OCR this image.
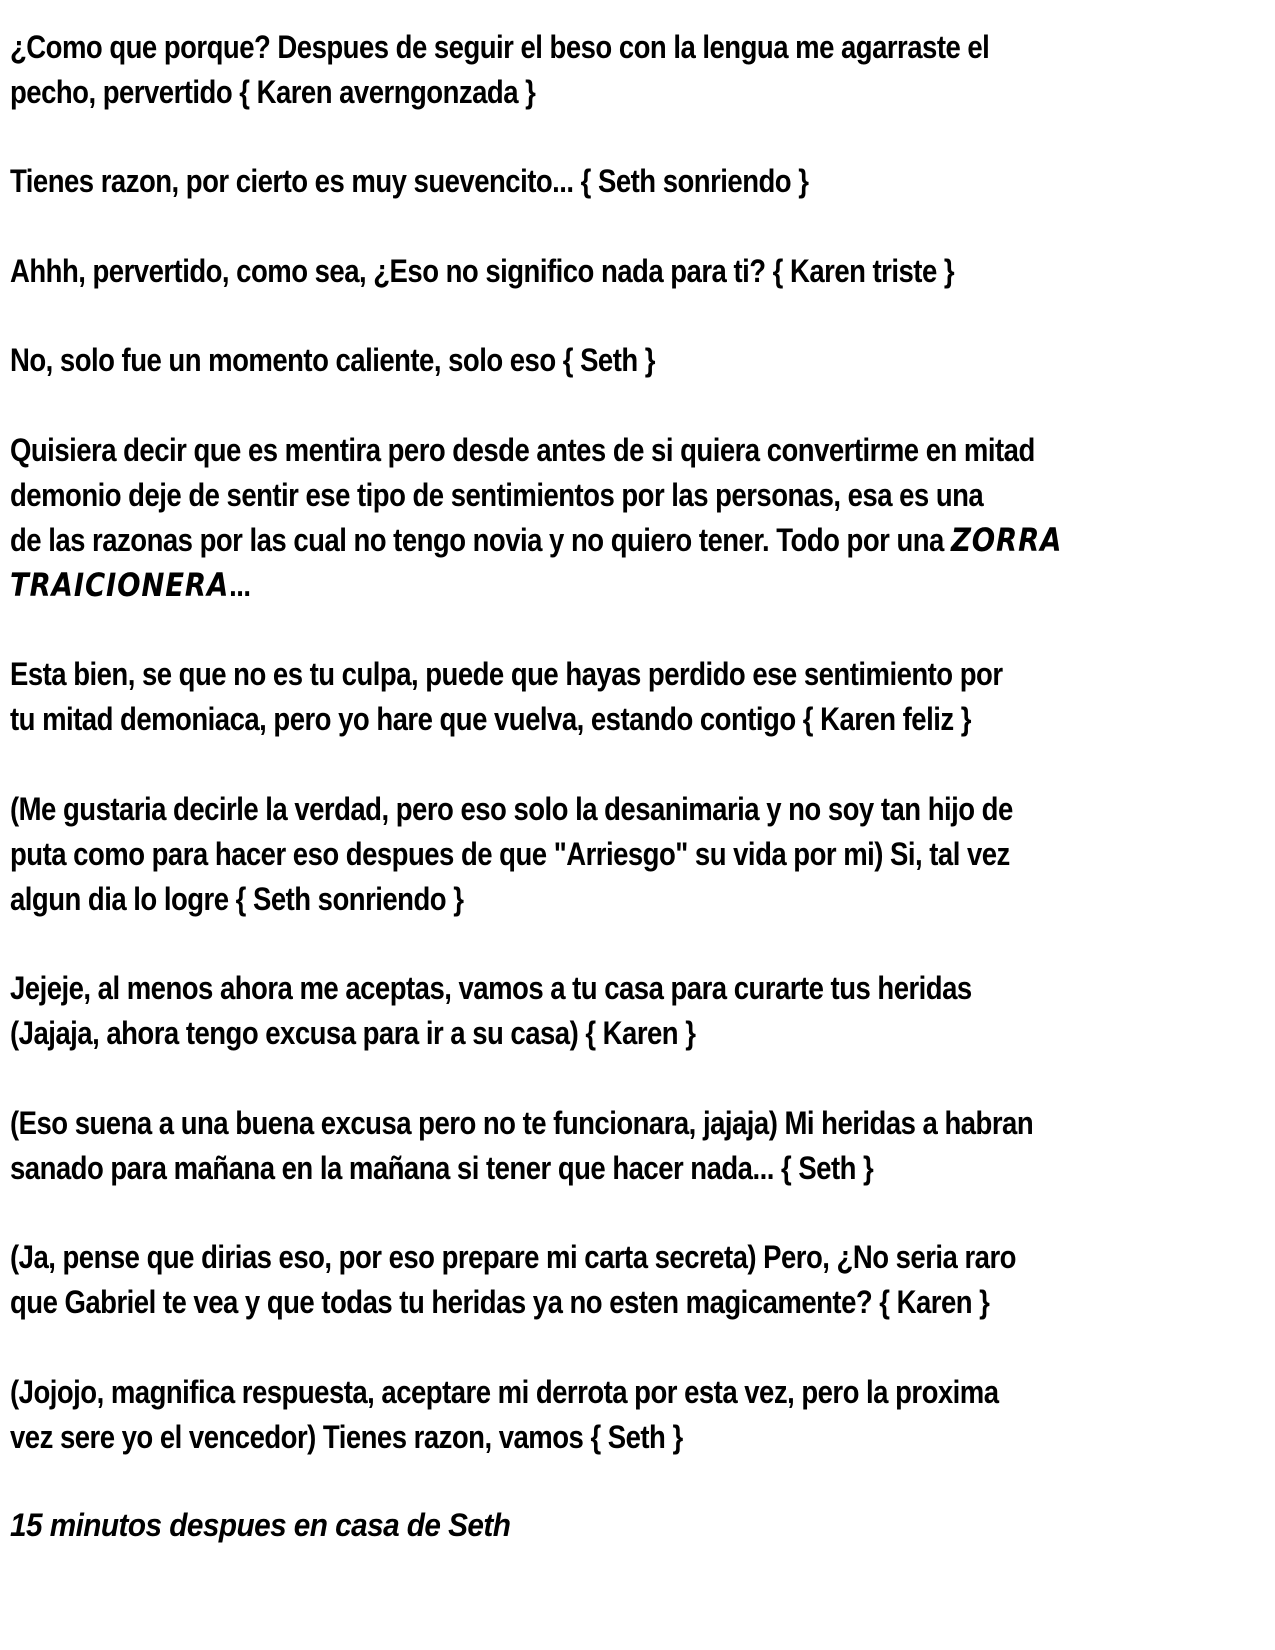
¿Como que porque? Despues de seguir el beso con la lengua me agarraste el

pecho, pervertido { Karen averngonzada }

Tienes razon, por cierto es muy suevencito... { Seth sonriendo }

Ahhh, pervertido, como sea, ¿Eso no significo nada para ti? { Karen triste }

No, solo fue un momento caliente, solo eso { Seth }

Quisiera decir que es mentira pero desde antes de si quiera convertirme en mitad

demonio deje de sentir ese tipo de sentimientos por las personas, esa es una

de las razonas por las cual no tengo novia y no quiero tener. Todo por una ZORRA

TRAICIONERA...

Esta bien, se que no es tu culpa, puede que hayas perdido ese sentimiento por

tu mitad demoniaca, pero yo hare que vuelva, estando contigo { Karen feliz }

(Me gustaria decirle la verdad, pero eso solo la desanimaria y no soy tan hijo de

puta como para hacer eso despues de que "Arriesgo" su vida por mi) Si, tal vez

algun dia lo logre { Seth sonriendo }

Jejeje, al menos ahora me aceptas, vamos a tu casa para curarte tus heridas

(Jajaja, ahora tengo excusa para ir a su casa) { Karen }

(Eso suena a una buena excusa pero no te funcionara, jajaja) Mi heridas a habran

sanado para mañana en la mañana si tener que hacer nada... { Seth }

(Ja, pense que dirias eso, por eso prepare mi carta secreta) Pero, ¿No seria raro

que Gabriel te vea y que todas tu heridas ya no esten magicamente? { Karen }

(Jojojo, magnifica respuesta, aceptare mi derrota por esta vez, pero la proxima

vez sere yo el vencedor) Tienes razon, vamos { Seth }

15 minutos despues en casa de Seth
